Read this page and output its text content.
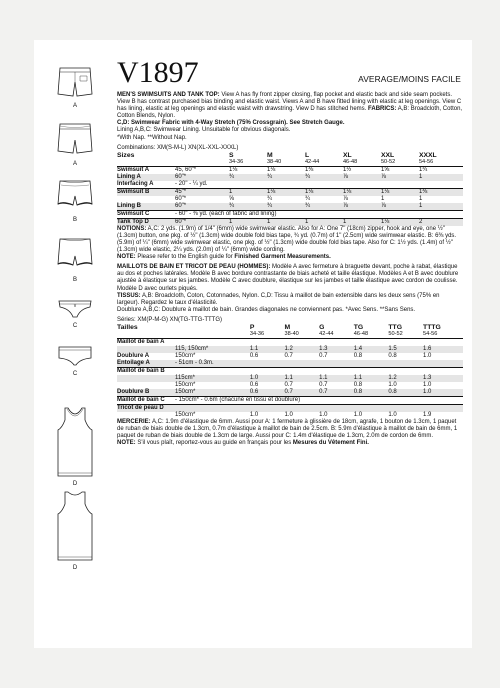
A
A
B
B
C
C
D
D
V1897	AVERAGE/MOINS FACILE

MEN'S SWIMSUITS AND TANK TOP: View A has fly front zipper closing, flap pocket and elastic back and side seam pockets. View B has contrast purchased bias binding and elastic waist. Views A and B have fitted lining with elastic at leg openings. View C has lining, elastic at leg openings and elastic waist with drawstring. View D has stitched hems. FABRICS: A,B: Broadcloth, Cotton, Cotton Blends, Nylon.

C,D: Swimwear Fabric with 4-Way Stretch (75% Crossgrain). See Stretch Gauge.

Lining A,B,C: Swimwear Lining. Unsuitable for obvious diagonals.

*With Nap. **Without Nap.

Combinations: XM(S-M-L) XN(XL-XXL-XXXL)

Sizes		S	M	L	XL	XXL	XXXL
		34-36	38-40	42-44	46-48	50-52	54-56
Swimsuit A	45, 60"*	1⅛	1⅛	1⅜	1½	1⅝	1¾
Lining A	60"*	¾	¾	¾	⅞	⅞	1
Interfacing A	- 20" - ¼ yd.						
Swimsuit B	45"*	1	1⅛	1⅛	1⅛	1⅛	1⅜
	60"*	⅝	¾	¾	⅞	1	1
Lining B	60"*	¾	¾	¾	⅞	⅞	1
Swimsuit C	- 60" - ⅜ yd. (each of fabric and lining)						
Tank Top D	60"*	1	1	1	1	1⅛	2

NOTIONS: A,C: 2 yds. (1.9m) of 1/4" (6mm) wide swimwear elastic. Also for A: One 7" (18cm) zipper, hook and eye, one ½" (1.3cm) button, one pkg. of ½" (1.3cm) wide double fold bias tape, ¾ yd. (0.7m) of 1" (2.5cm) wide swimwear elastic. B: 6⅜ yds. (5.9m) of ¼" (6mm) wide swimwear elastic, one pkg. of ½" (1.3cm) wide double fold bias tape. Also for C: 1½ yds. (1.4m) of ½" (1.3cm) wide elastic, 2¼ yds. (2.0m) of ¼" (6mm) wide cording.

NOTE: Please refer to the English guide for Finished Garment Measurements.

MAILLOTS DE BAIN ET TRICOT DE PEAU (HOMMES): Modèle A avec fermeture à braguette devant, poche à rabat, élastique au dos et poches latérales. Modèle B avec bordure contrastante de biais acheté et taille élastique. Modèles A et B avec doublure ajustée à élastique sur les jambes. Modèle C avec doublure, élastique sur les jambes et taille élastique avec cordon de coulisse. Modèle D avec ourlets piqués.

TISSUS: A,B: Broadcloth, Coton, Cotonnades, Nylon. C,D: Tissu à maillot de bain extensible dans les deux sens (75% en largeur). Regardez le taux d'élasticité.

Doublure A,B,C: Doublure à maillot de bain. Grandes diagonales ne conviennent pas. *Avec Sens. **Sans Sens.

Séries: XM(P-M-G) XN(TG-TTG-TTTG)

Tailles		P	M	G	TG	TTG	TTTG
		34-36	38-40	42-44	46-48	50-52	54-56
Maillot de bain A							
	115, 150cm*	1.1	1.2	1.3	1.4	1.5	1.6
Doublure A	150cm*	0.6	0.7	0.7	0.8	0.8	1.0
Entoilage A	- 51cm - 0.3m.						
Maillot de bain B							
	115cm*	1.0	1.1	1.1	1.1	1.2	1.3
	150cm*	0.6	0.7	0.7	0.8	1.0	1.0
Doublure B	150cm*	0.6	0.7	0.7	0.8	0.8	1.0
Maillot de bain C	- 150cm* - 0.6m (chacune en tissu et doublure)						
Tricot de peau D							
	150cm*	1.0	1.0	1.0	1.0	1.0	1.9

MERCERIE: A,C: 1.9m d'élastique de 6mm. Aussi pour A: 1 fermeture à glissière de 18cm, agrafe, 1 bouton de 1.3cm, 1 paquet de ruban de biais double de 1.3cm, 0.7m d'élastique à maillot de bain de 2.5cm. B: 5.9m d'élastique à maillot de bain de 6mm, 1 paquet de ruban de biais double de 1.3cm de large. Aussi pour C: 1.4m d'élastique de 1.3cm, 2.0m de cordon de 6mm.

NOTE: S'il vous plaît, reportez-vous au guide en français pour les Mesures du Vêtement Fini.
